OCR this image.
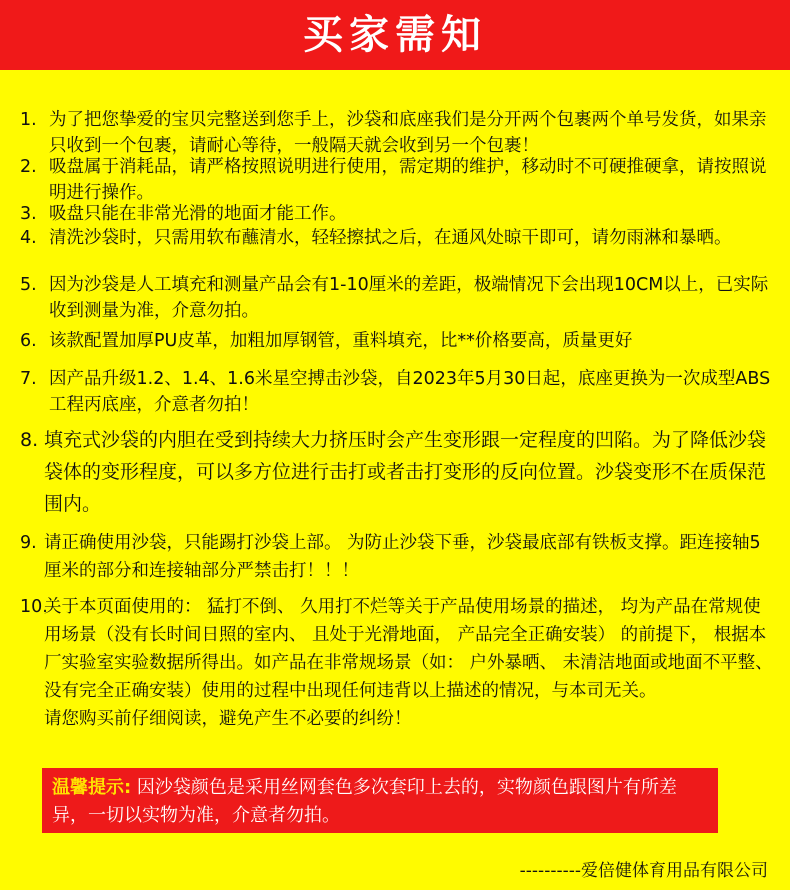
买家需知
1. 为了把您挚爱的宝贝完整送到您手上，沙袋和底座我们是分开两个包裹两个单号发货，如果亲只收到一个包裹，请耐心等待，一般隔天就会收到另一个包裹！

2. 吸盘属于消耗品，请严格按照说明进行使用，需定期的维护，移动时不可硬推硬拿，请按照说明进行操作。

3. 吸盘只能在非常光滑的地面才能工作。

4. 清洗沙袋时，只需用软布蘸清水，轻轻擦拭之后，在通风处晾干即可，请勿雨淋和暴晒。

5. 因为沙袋是人工填充和测量产品会有1-10厘米的差距，极端情况下会出现10CM以上，已实际收到测量为准，介意勿拍。

6. 该款配置加厚PU皮革，加粗加厚钢管，重料填充，比**价格要高，质量更好

7. 因产品升级1.2、1.4、1.6米星空搏击沙袋，自2023年5月30日起，底座更换为一次成型ABS工程丙底座，介意者勿拍！

8. 填充式沙袋的内胆在受到持续大力挤压时会产生变形跟一定程度的凹陷。为了降低沙袋袋体的变形程度，可以多方位进行击打或者击打变形的反向位置。沙袋变形不在质保范围内。

9. 请正确使用沙袋，只能踢打沙袋上部。 为防止沙袋下垂，沙袋最底部有铁板支撑。距连接轴5厘米的部分和连接轴部分严禁击打！！！

10.

关于本页面使用的： 猛打不倒、 久用打不烂等关于产品使用场景的描述， 均为产品在常规使用场景（没有长时间日照的室内、 且处于光滑地面， 产品完全正确安装） 的前提下， 根据本厂实验室实验数据所得出。如产品在非常规场景（如： 户外暴晒、 未清洁地面或地面不平整、 没有完全正确安装）使用的过程中出现任何违背以上描述的情况，与本司无关。

请您购买前仔细阅读，避免产生不必要的纠纷！

温馨提示: 因沙袋颜色是采用丝网套色多次套印上去的，实物颜色跟图片有所差异，一切以实物为准，介意者勿拍。
----------爱倍健体育用品有限公司
